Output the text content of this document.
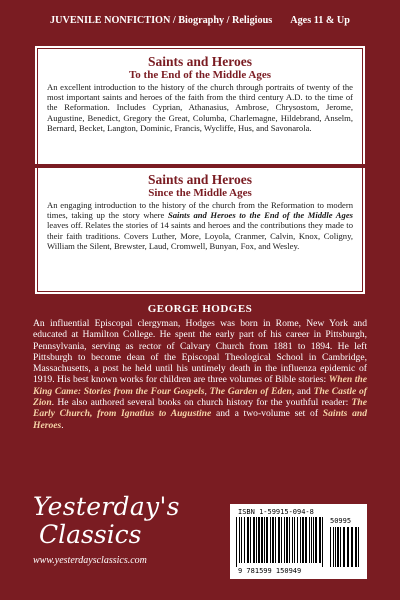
JUVENILE NONFICTION / Biography / Religious Ages 11 & Up
Saints and Heroes
To the End of the Middle Ages
An excellent introduction to the history of the church through portraits of twenty of the most important saints and heroes of the faith from the third century A.D. to the time of the Reformation. Includes Cyprian, Athanasius, Ambrose, Chrysostom, Jerome, Augustine, Benedict, Gregory the Great, Columba, Charlemagne, Hildebrand, Anselm, Bernard, Becket, Langton, Dominic, Francis, Wycliffe, Hus, and Savonarola.
Saints and Heroes
Since the Middle Ages
An engaging introduction to the history of the church from the Reformation to modern times, taking up the story where Saints and Heroes to the End of the Middle Ages leaves off. Relates the stories of 14 saints and heroes and the contributions they made to their faith traditions. Covers Luther, More, Loyola, Cranmer, Calvin, Knox, Coligny, William the Silent, Brewster, Laud, Cromwell, Bunyan, Fox, and Wesley.
GEORGE HODGES
An influential Episcopal clergyman, Hodges was born in Rome, New York and educated at Hamilton College. He spent the early part of his career in Pittsburgh, Pennsylvania, serving as rector of Calvary Church from 1881 to 1894. He left Pittsburgh to become dean of the Episcopal Theological School in Cambridge, Massachusetts, a post he held until his untimely death in the influenza epidemic of 1919. His best known works for children are three volumes of Bible stories: When the King Came: Stories from the Four Gospels, The Garden of Eden, and The Castle of Zion. He also authored several books on church history for the youthful reader: The Early Church, from Ignatius to Augustine and a two-volume set of Saints and Heroes.
Yesterday's
Classics
www.yesterdaysclassics.com
ISBN 1-59915-094-8
50995
9 781599 150949
